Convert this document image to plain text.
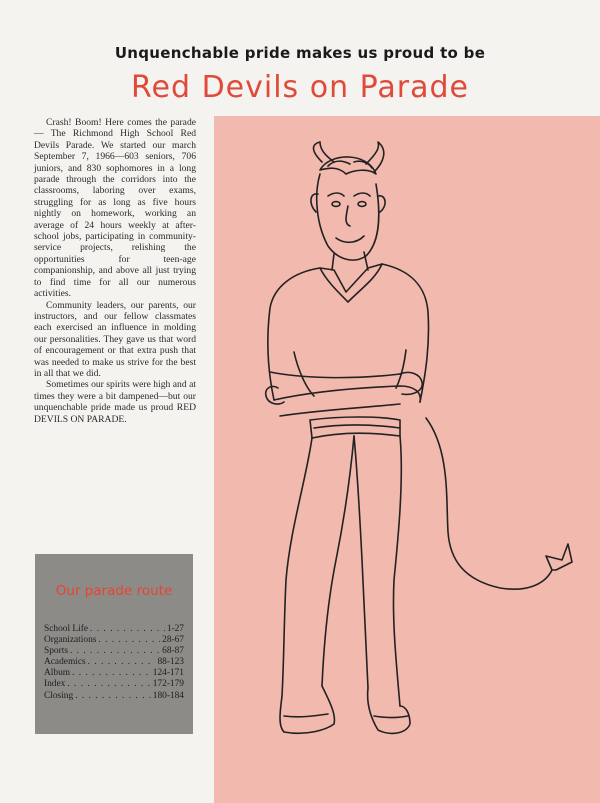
Unquenchable pride makes us proud to be
Red Devils on Parade

Crash! Boom! Here comes the parade — The Richmond High School Red Devils Parade. We started our march September 7, 1966—603 seniors, 706 juniors, and 830 sophomores in a long parade through the corridors into the classrooms, laboring over exams, struggling for as long as five hours nightly on homework, working an average of 24 hours weekly at after-school jobs, participating in community-service projects, relishing the opportunities for teen-age companionship, and above all just trying to find time for all our numerous activities.

Community leaders, our parents, our instructors, and our fellow classmates each exercised an influence in molding our personalities. They gave us that word of encouragement or that extra push that was needed to make us strive for the best in all that we did.

Sometimes our spirits were high and at times they were a bit dampened—but our unquenchable pride made us proud RED DEVILS ON PARADE.

Our parade route
School Life . . .	1-27
Organizations . . .	28-67
Sports . . .	68-87
Academics . . .	88-123
Album . . .	124-171
Index . . .	172-179
Closing . . .	180-184
